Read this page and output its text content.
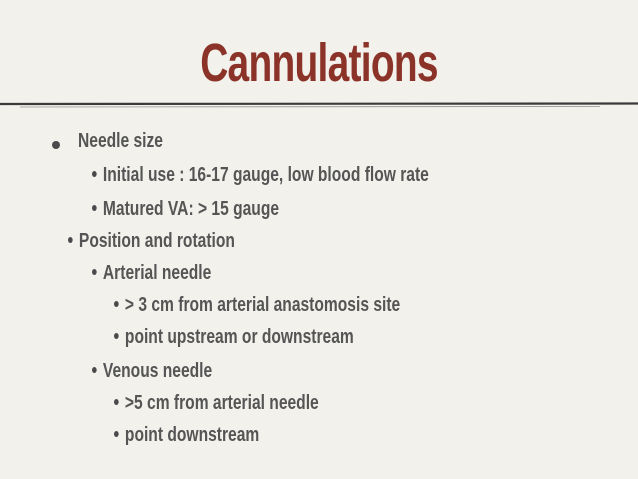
Cannulations
Needle size
Initial use : 16-17 gauge, low blood flow rate
Matured VA: > 15 gauge
Position and rotation
Arterial needle
> 3 cm from arterial anastomosis site
point upstream or downstream
Venous needle
>5 cm from arterial needle
point downstream
